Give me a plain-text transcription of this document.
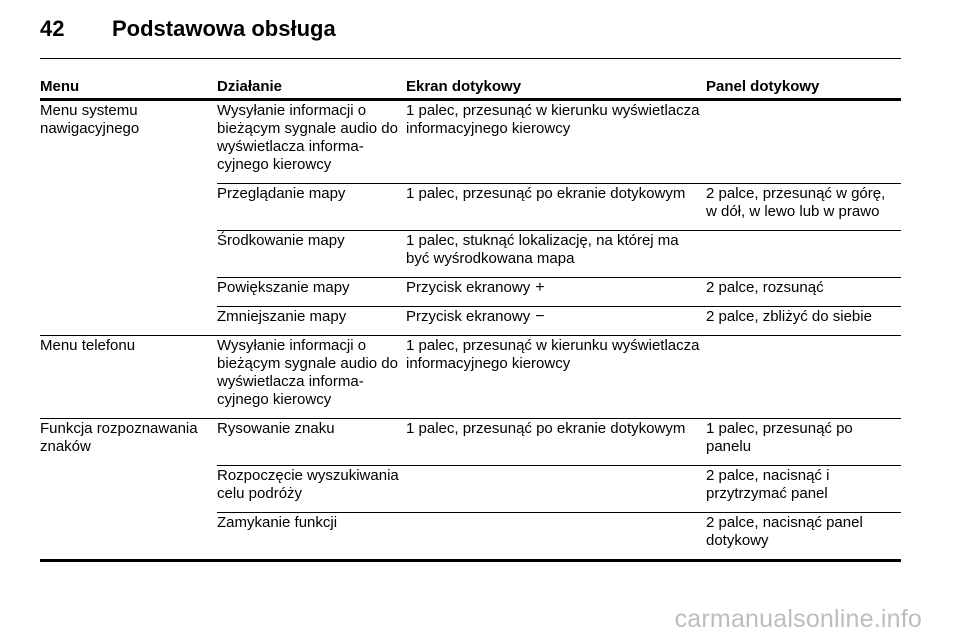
42	Podstawowa obsługa
Menu	Działanie	Ekran dotykowy	Panel dotykowy
Menu systemu nawigacyjnego	Wysyłanie informacji o bieżącym sygnale audio do wyświetlacza informa-cyjnego kierowcy	1 palec, przesunąć w kierunku wyświetlacza informacyjnego kierowcy	
	Przeglądanie mapy	1 palec, przesunąć po ekranie dotykowym	2 palce, przesunąć w górę, w dół, w lewo lub w prawo
	Środkowanie mapy	1 palec, stuknąć lokalizację, na której ma być wyśrodkowana mapa	
	Powiększanie mapy	Przycisk ekranowy +	2 palce, rozsunąć
	Zmniejszanie mapy	Przycisk ekranowy −	2 palce, zbliżyć do siebie
Menu telefonu	Wysyłanie informacji o bieżącym sygnale audio do wyświetlacza informa-cyjnego kierowcy	1 palec, przesunąć w kierunku wyświetlacza informacyjnego kierowcy	
Funkcja rozpoznawania znaków	Rysowanie znaku	1 palec, przesunąć po ekranie dotykowym	1 palec, przesunąć po panelu
	Rozpoczęcie wyszukiwania celu podróży		2 palce, nacisnąć i przytrzymać panel
	Zamykanie funkcji		2 palce, nacisnąć panel dotykowy
carmanualsonline.info
